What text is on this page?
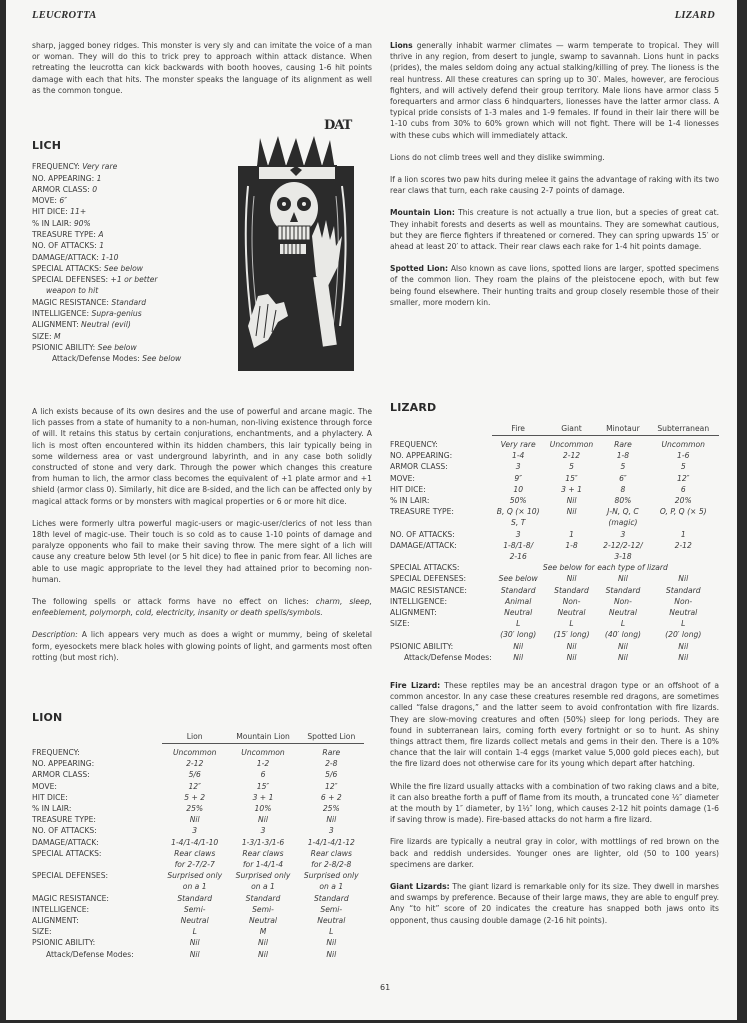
LEUCROTTA	LIZARD

sharp, jagged boney ridges. This monster is very sly and can imitate the voice of a man or woman. They will do this to trick prey to approach within attack distance. When retreating the leucrotta can kick backwards with booth hooves, causing 1-6 hit points damage with each that hits. The monster speaks the language of its alignment as well as the common tongue.

LICH
FREQUENCY: Very rare
NO. APPEARING: 1
ARMOR CLASS: 0
MOVE: 6″
HIT DICE: 11+
% IN LAIR: 90%
TREASURE TYPE: A
NO. OF ATTACKS: 1
DAMAGE/ATTACK: 1-10
SPECIAL ATTACKS: See below
SPECIAL DEFENSES: +1 or better
weapon to hit
MAGIC RESISTANCE: Standard
INTELLIGENCE: Supra-genius
ALIGNMENT: Neutral (evil)
SIZE: M
PSIONIC ABILITY: See below
Attack/Defense Modes: See below
DAT

A lich exists because of its own desires and the use of powerful and arcane magic. The lich passes from a state of humanity to a non-human, non-living existence through force of will. It retains this status by certain conjurations, enchantments, and a phylactery. A lich is most often encountered within its hidden chambers, this lair typically being in some wilderness area or vast underground labyrinth, and in any case both solidly constructed of stone and very dark. Through the power which changes this creature from human to lich, the armor class becomes the equivalent of +1 plate armor and +1 shield (armor class 0). Similarly, hit dice are 8-sided, and the lich can be affected only by magical attack forms or by monsters with magical properties or 6 or more hit dice.

Liches were formerly ultra powerful magic-users or magic-user/clerics of not less than 18th level of magic-use. Their touch is so cold as to cause 1-10 points of damage and paralyze opponents who fail to make their saving throw. The mere sight of a lich will cause any creature below 5th level (or 5 hit dice) to flee in panic from fear. All liches are able to use magic appropriate to the level they had attained prior to becoming non-human.

The following spells or attack forms have no effect on liches: charm, sleep, enfeeblement, polymorph, cold, electricity, insanity or death spells/symbols.

Description: A lich appears very much as does a wight or mummy, being of skeletal form, eyesockets mere black holes with glowing points of light, and garments most often rotting (but most rich).

LION
	Lion	Mountain Lion	Spotted Lion

FREQUENCY:	Uncommon	Uncommon	Rare
NO. APPEARING:	2-12	1-2	2-8
ARMOR CLASS:	5/6	6	5/6
MOVE:	12″	15″	12″
HIT DICE:	5 + 2	3 + 1	6 + 2
% IN LAIR:	25%	10%	25%
TREASURE TYPE:	Nil	Nil	Nil
NO. OF ATTACKS:	3	3	3
DAMAGE/ATTACK:	1-4/1-4/1-10	1-3/1-3/1-6	1-4/1-4/1-12
SPECIAL ATTACKS:	Rear claws	Rear claws	Rear claws
	for 2-7/2-7	for 1-4/1-4	for 2-8/2-8
SPECIAL DEFENSES:	Surprised only	Surprised only	Surprised only
	on a 1	on a 1	on a 1
MAGIC RESISTANCE:	Standard	Standard	Standard
INTELLIGENCE:	Semi-	Semi-	Semi-
ALIGNMENT:	Neutral	Neutral	Neutral
SIZE:	L	M	L
PSIONIC ABILITY:	Nil	Nil	Nil
Attack/Defense Modes:	Nil	Nil	Nil

Lions generally inhabit warmer climates — warm temperate to tropical. They will thrive in any region, from desert to jungle, swamp to savannah. Lions hunt in packs (prides), the males seldom doing any actual stalking/killing of prey. The lioness is the real huntress. All these creatures can spring up to 30′. Males, however, are ferocious fighters, and will actively defend their group territory. Male lions have armor class 5 forequarters and armor class 6 hindquarters, lionesses have the latter armor class. A typical pride consists of 1-3 males and 1-9 females. If found in their lair there will be 1-10 cubs from 30% to 60% grown which will not fight. There will be 1-4 lionesses with these cubs which will immediately attack.

Lions do not climb trees well and they dislike swimming.

If a lion scores two paw hits during melee it gains the advantage of raking with its two rear claws that turn, each rake causing 2-7 points of damage.

Mountain Lion: This creature is not actually a true lion, but a species of great cat. They inhabit forests and deserts as well as mountains. They are somewhat cautious, but they are fierce fighters if threatened or cornered. They can spring upwards 15′ or ahead at least 20′ to attack. Their rear claws each rake for 1-4 hit points damage.

Spotted Lion: Also known as cave lions, spotted lions are larger, spotted specimens of the common lion. They roam the plains of the pleistocene epoch, with but few being found elsewhere. Their hunting traits and group closely resemble those of their smaller, more modern kin.

LIZARD
	Fire	Giant	Minotaur	Subterranean

FREQUENCY:	Very rare	Uncommon	Rare	Uncommon
NO. APPEARING:	1-4	2-12	1-8	1-6
ARMOR CLASS:	3	5	5	5
MOVE:	9″	15″	6″	12″
HIT DICE:	10	3 + 1	8	6
% IN LAIR:	50%	Nil	80%	20%
TREASURE TYPE:	B, Q (× 10)	Nil	J-N, Q, C	O, P, Q (× 5)
	S, T		(magic)	
NO. OF ATTACKS:	3	1	3	1
DAMAGE/ATTACK:	1-8/1-8/	1-8	2-12/2-12/	2-12
	2-16		3-18	
SPECIAL ATTACKS:	See below for each type of lizard			
SPECIAL DEFENSES:	See below	Nil	Nil	Nil
MAGIC RESISTANCE:	Standard	Standard	Standard	Standard
INTELLIGENCE:	Animal	Non-	Non-	Non-
ALIGNMENT:	Neutral	Neutral	Neutral	Neutral
SIZE:	L	L	L	L
	(30′ long)	(15′ long)	(40′ long)	(20′ long)
PSIONIC ABILITY:	Nil	Nil	Nil	Nil
Attack/Defense Modes:	Nil	Nil	Nil	Nil

Fire Lizard: These reptiles may be an ancestral dragon type or an offshoot of a common ancestor. In any case these creatures resemble red dragons, are sometimes called “false dragons,” and the latter seem to avoid confrontation with fire lizards. They are slow-moving creatures and often (50%) sleep for long periods. They are found in subterranean lairs, coming forth every fortnight or so to hunt. As shiny things attract them, fire lizards collect metals and gems in their den. There is a 10% chance that the lair will contain 1-4 eggs (market value 5,000 gold pieces each), but the fire lizard does not otherwise care for its young which depart after hatching.

While the fire lizard usually attacks with a combination of two raking claws and a bite, it can also breathe forth a puff of flame from its mouth, a truncated cone ½″ diameter at the mouth by 1″ diameter, by 1½″ long, which causes 2-12 hit points damage (1-6 if saving throw is made). Fire-based attacks do not harm a fire lizard.

Fire lizards are typically a neutral gray in color, with mottlings of red brown on the back and reddish undersides. Younger ones are lighter, old (50 to 100 years) specimens are darker.

Giant Lizards: The giant lizard is remarkable only for its size. They dwell in marshes and swamps by preference. Because of their large maws, they are able to engulf prey. Any “to hit” score of 20 indicates the creature has snapped both jaws onto its opponent, thus causing double damage (2-16 hit points).

61
